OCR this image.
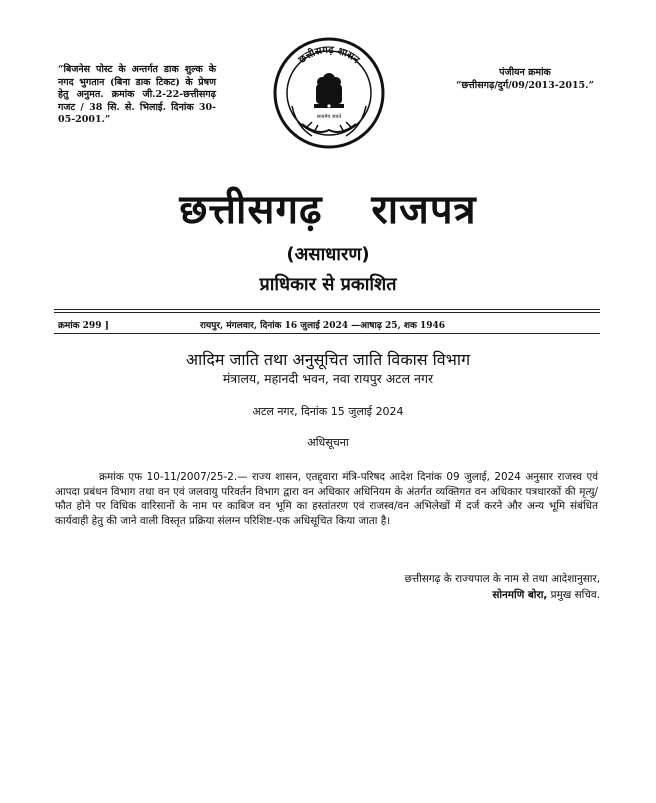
“बिजनेस पोस्ट के अन्तर्गत डाक शुल्क के नगद भुगतान (बिना डाक टिकट) के प्रेषण हेतु अनुमत. क्रमांक जी.2-22-छत्तीसगढ़ गजट / 38 सि. से. भिलाई. दिनांक 30-05-2001.”
पंजीयन क्रमांक
“छत्तीसगढ़/दुर्ग/09/2013-2015.”
छत्तीसगढ़ शासन
सत्यमेव जयते
छत्तीसगढ़ राजपत्र
(असाधारण)
प्राधिकार से प्रकाशित
क्रमांक 299 ]	रायपुर, मंगलवार, दिनांक 16 जुलाई 2024 —आषाढ़ 25, शक 1946
आदिम जाति तथा अनुसूचित जाति विकास विभाग
मंत्रालय, महानदी भवन, नवा रायपुर अटल नगर
अटल नगर, दिनांक 15 जुलाई 2024
अधिसूचना
क्रमांक एफ 10-11/2007/25-2.— राज्य शासन, एतद्द्वारा मंत्रि-परिषद आदेश दिनांक 09 जुलाई, 2024 अनुसार राजस्व एवं आपदा प्रबंधन विभाग तथा वन एवं जलवायु परिवर्तन विभाग द्वारा वन अधिकार अधिनियम के अंतर्गत व्यक्तिगत वन अधिकार पत्रधारकों की मृत्यु/फौत होने पर विधिक वारिसानों के नाम पर काबिज वन भूमि का हस्तांतरण एवं राजस्व/वन अभिलेखों में दर्ज करने और अन्य भूमि संबंधित कार्यवाही हेतु की जाने वाली विस्तृत प्रक्रिया संलग्न परिशिष्ट-एक अधिसूचित किया जाता है।
छत्तीसगढ़ के राज्यपाल के नाम से तथा आदेशानुसार,
सोनमणि बोरा, प्रमुख सचिव.
